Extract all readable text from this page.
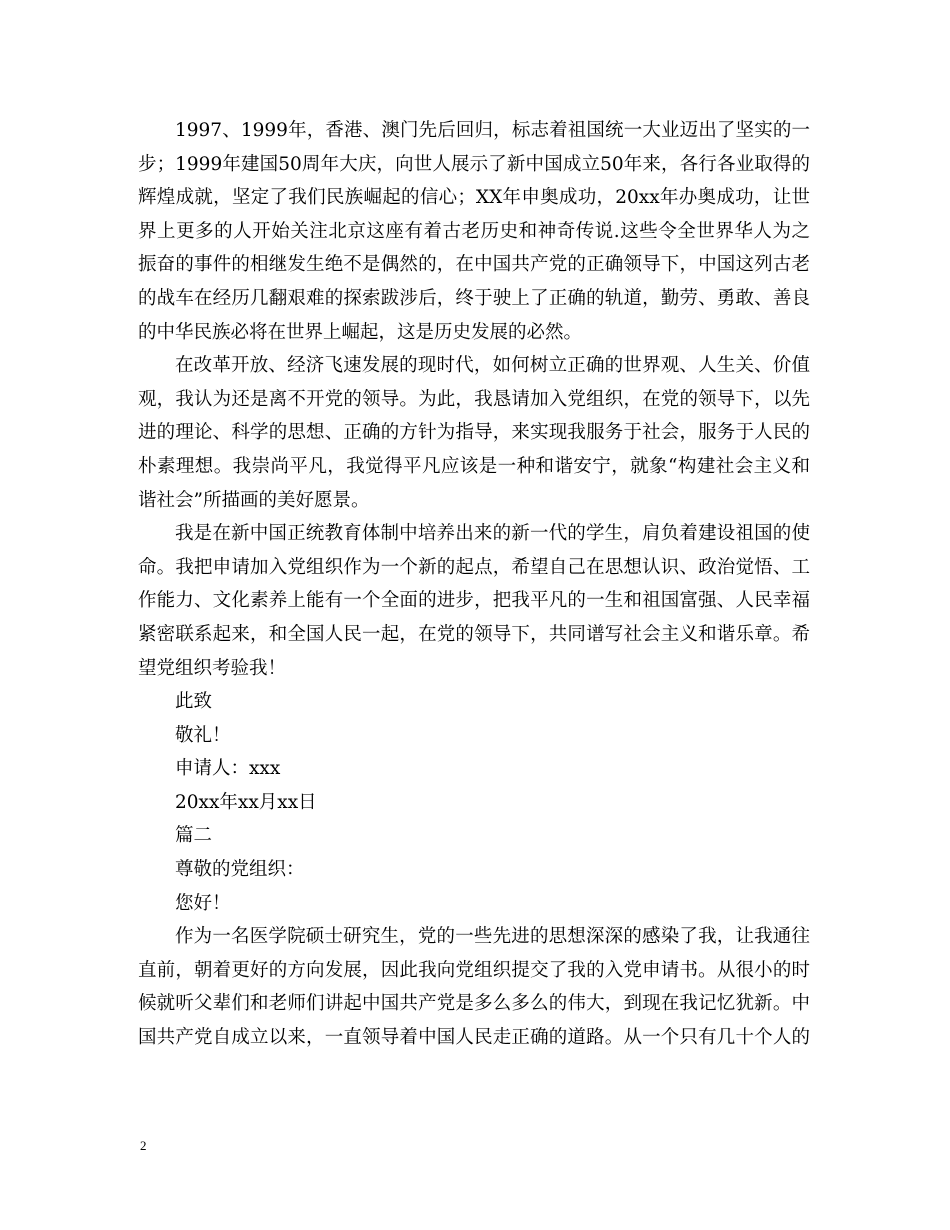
1997、1999年，香港、澳门先后回归，标志着祖国统一大业迈出了坚实的一
步；1999年建国50周年大庆，向世人展示了新中国成立50年来，各行各业取得的
辉煌成就，坚定了我们民族崛起的信心；XX年申奥成功，20xx年办奥成功，让世
界上更多的人开始关注北京这座有着古老历史和神奇传说.这些令全世界华人为之
振奋的事件的相继发生绝不是偶然的，在中国共产党的正确领导下，中国这列古老
的战车在经历几翻艰难的探索跋涉后，终于驶上了正确的轨道，勤劳、勇敢、善良
的中华民族必将在世界上崛起，这是历史发展的必然。
在改革开放、经济飞速发展的现时代，如何树立正确的世界观、人生关、价值
观，我认为还是离不开党的领导。为此，我恳请加入党组织，在党的领导下，以先
进的理论、科学的思想、正确的方针为指导，来实现我服务于社会，服务于人民的
朴素理想。我崇尚平凡，我觉得平凡应该是一种和谐安宁，就象“构建社会主义和
谐社会”所描画的美好愿景。
我是在新中国正统教育体制中培养出来的新一代的学生，肩负着建设祖国的使
命。我把申请加入党组织作为一个新的起点，希望自己在思想认识、政治觉悟、工
作能力、文化素养上能有一个全面的进步，把我平凡的一生和祖国富强、人民幸福
紧密联系起来，和全国人民一起，在党的领导下，共同谱写社会主义和谐乐章。希
望党组织考验我！
此致
敬礼！
申请人：xxx
20xx年xx月xx日
篇二
尊敬的党组织：
您好！
作为一名医学院硕士研究生，党的一些先进的思想深深的感染了我，让我通往
直前，朝着更好的方向发展，因此我向党组织提交了我的入党申请书。从很小的时
候就听父辈们和老师们讲起中国共产党是多么多么的伟大，到现在我记忆犹新。中
国共产党自成立以来，一直领导着中国人民走正确的道路。从一个只有几十个人的
2
